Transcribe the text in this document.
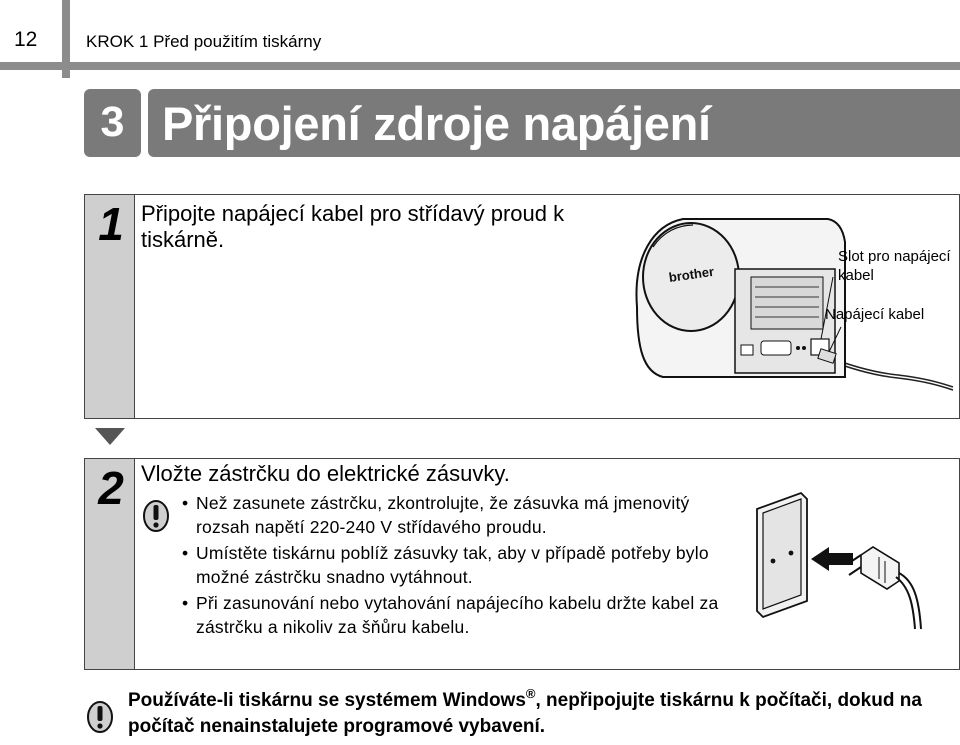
12	KROK 1 Před použitím tiskárny
3 Připojení zdroje napájení
1 Připojte napájecí kabel pro střídavý proud k tiskárně.
brother
Slot pro napájecí kabel
Napájecí kabel
2 Vložte zástrčku do elektrické zásuvky.
• Než zasunete zástrčku, zkontrolujte, že zásuvka má jmenovitý rozsah napětí 220-240 V střídavého proudu.
• Umístěte tiskárnu poblíž zásuvky tak, aby v případě potřeby bylo možné zástrčku snadno vytáhnout.
• Při zasunování nebo vytahování napájecího kabelu držte kabel za zástrčku a nikoliv za šňůru kabelu.
Používáte-li tiskárnu se systémem Windows®, nepřipojujte tiskárnu k počítači, dokud na počítač nenainstalujete programové vybavení.
